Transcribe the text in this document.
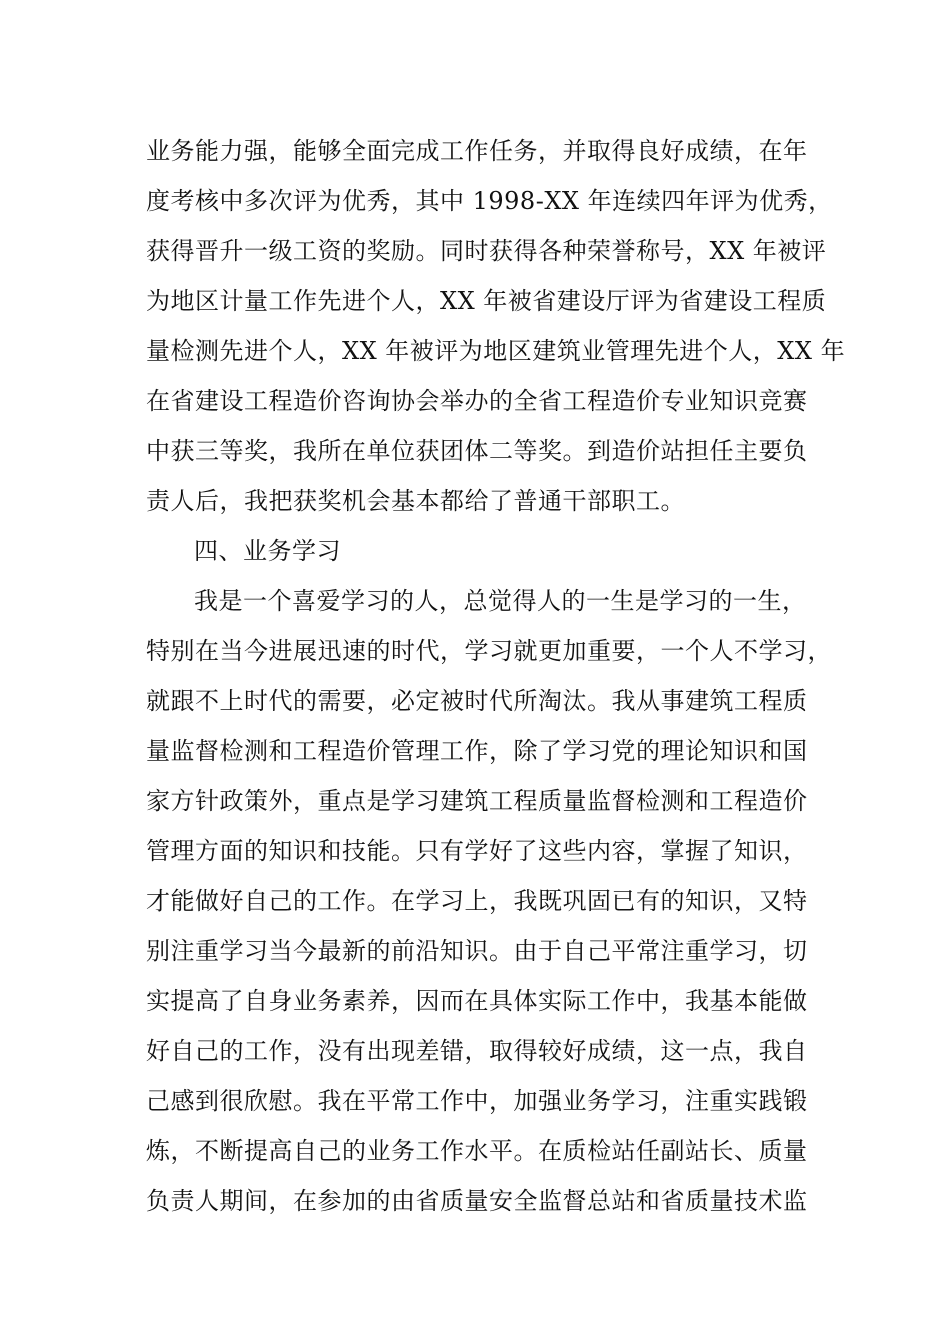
业务能力强，能够全面完成工作任务，并取得良好成绩，在年
度考核中多次评为优秀，其中 1998-XX 年连续四年评为优秀，
获得晋升一级工资的奖励。同时获得各种荣誉称号，XX 年被评
为地区计量工作先进个人，XX 年被省建设厅评为省建设工程质
量检测先进个人，XX 年被评为地区建筑业管理先进个人，XX 年
在省建设工程造价咨询协会举办的全省工程造价专业知识竞赛
中获三等奖，我所在单位获团体二等奖。到造价站担任主要负
责人后，我把获奖机会基本都给了普通干部职工。
四、业务学习
我是一个喜爱学习的人，总觉得人的一生是学习的一生，
特别在当今进展迅速的时代，学习就更加重要，一个人不学习，
就跟不上时代的需要，必定被时代所淘汰。我从事建筑工程质
量监督检测和工程造价管理工作，除了学习党的理论知识和国
家方针政策外，重点是学习建筑工程质量监督检测和工程造价
管理方面的知识和技能。只有学好了这些内容，掌握了知识，
才能做好自己的工作。在学习上，我既巩固已有的知识，又特
别注重学习当今最新的前沿知识。由于自己平常注重学习，切
实提高了自身业务素养，因而在具体实际工作中，我基本能做
好自己的工作，没有出现差错，取得较好成绩，这一点，我自
己感到很欣慰。我在平常工作中，加强业务学习，注重实践锻
炼，不断提高自己的业务工作水平。在质检站任副站长、质量
负责人期间，在参加的由省质量安全监督总站和省质量技术监
